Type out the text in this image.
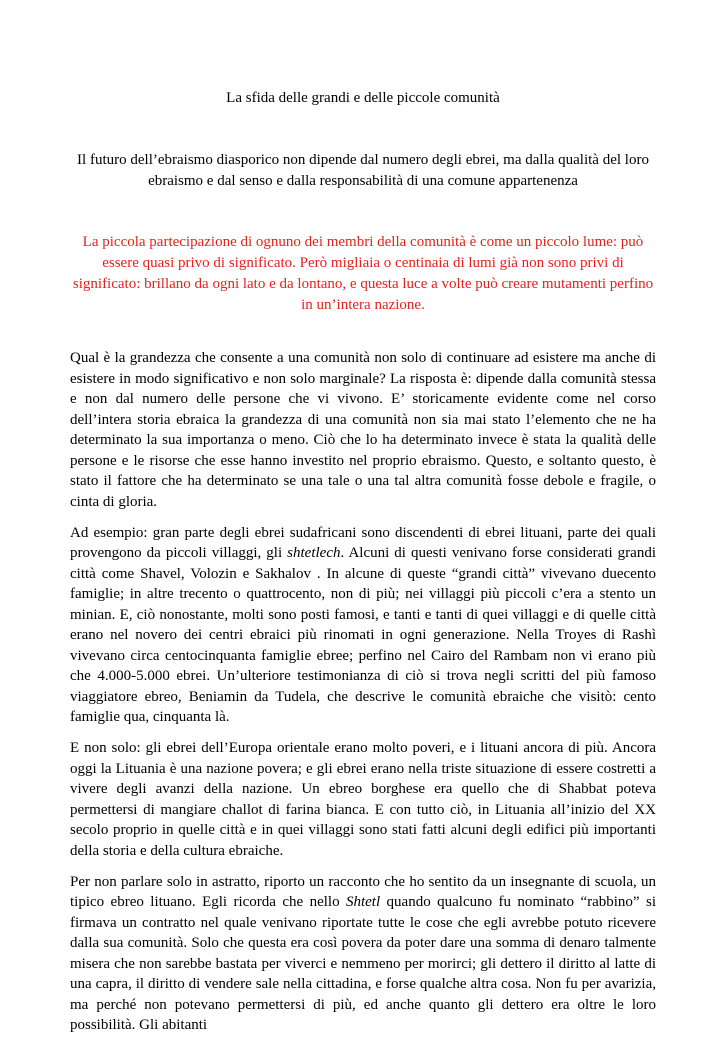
La sfida delle grandi e delle piccole comunità

Il futuro dell’ebraismo diasporico non dipende dal numero degli ebrei, ma dalla qualità del loro ebraismo e dal senso e dalla responsabilità di una comune appartenenza

La piccola partecipazione di ognuno dei membri della comunità è come un piccolo lume: può essere quasi privo di significato. Però migliaia o centinaia di lumi già non sono privi di significato: brillano da ogni lato e da lontano, e questa luce a volte può creare mutamenti perfino in un’intera nazione.

Qual è la grandezza che consente a una comunità non solo di continuare ad esistere ma anche di esistere in modo significativo e non solo marginale? La risposta è: dipende dalla comunità stessa e non dal numero delle persone che vi vivono. E’ storicamente evidente come nel corso dell’intera storia ebraica la grandezza di una comunità non sia mai stato l’elemento che ne ha determinato la sua importanza o meno. Ciò che lo ha determinato invece è stata la qualità delle persone e le risorse che esse hanno investito nel proprio ebraismo. Questo, e soltanto questo, è stato il fattore che ha determinato se una tale o una tal altra comunità fosse debole e fragile, o cinta di gloria.

Ad esempio: gran parte degli ebrei sudafricani sono discendenti di ebrei lituani, parte dei quali provengono da piccoli villaggi, gli shtetlech. Alcuni di questi venivano forse considerati grandi città come Shavel, Volozin e Sakhalov . In alcune di queste “grandi città” vivevano duecento famiglie; in altre trecento o quattrocento, non di più; nei villaggi più piccoli c’era a stento un minian. E, ciò nonostante, molti sono posti famosi, e tanti e tanti di quei villaggi e di quelle città erano nel novero dei centri ebraici più rinomati in ogni generazione. Nella Troyes di Rashì vivevano circa centocinquanta famiglie ebree; perfino nel Cairo del Rambam non vi erano più che 4.000-5.000 ebrei. Un’ulteriore testimonianza di ciò si trova negli scritti del più famoso viaggiatore ebreo, Beniamin da Tudela, che descrive le comunità ebraiche che visitò: cento famiglie qua, cinquanta là.

E non solo: gli ebrei dell’Europa orientale erano molto poveri, e i lituani ancora di più. Ancora oggi la Lituania è una nazione povera; e gli ebrei erano nella triste situazione di essere costretti a vivere degli avanzi della nazione. Un ebreo borghese era quello che di Shabbat poteva permettersi di mangiare challot di farina bianca. E con tutto ciò, in Lituania all’inizio del XX secolo proprio in quelle città e in quei villaggi sono stati fatti alcuni degli edifici più importanti della storia e della cultura ebraiche.

Per non parlare solo in astratto, riporto un racconto che ho sentito da un insegnante di scuola, un tipico ebreo lituano. Egli ricorda che nello Shtetl quando qualcuno fu nominato “rabbino” si firmava un contratto nel quale venivano riportate tutte le cose che egli avrebbe potuto ricevere dalla sua comunità. Solo che questa era così povera da poter dare una somma di denaro talmente misera che non sarebbe bastata per viverci e nemmeno per morirci; gli dettero il diritto al latte di una capra, il diritto di vendere sale nella cittadina, e forse qualche altra cosa. Non fu per avarizia, ma perché non potevano permettersi di più, ed anche quanto gli dettero era oltre le loro possibilità. Gli abitanti
